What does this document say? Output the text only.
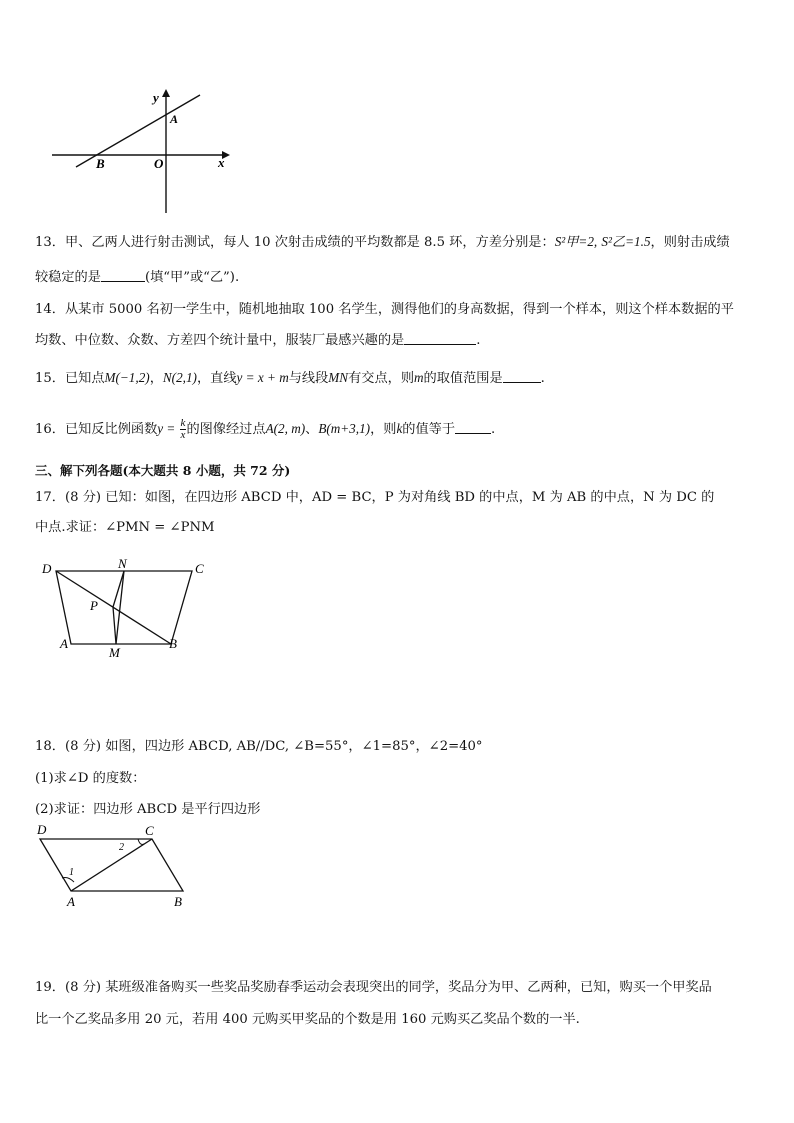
y
x
A
B	O
13．甲、乙两人进行射击测试，每人 10 次射击成绩的平均数都是 8.5 环，方差分别是：S²甲=2, S²乙=1.5，则射击成绩
较稳定的是	(填“甲”或“乙”).
14．从某市 5000 名初一学生中，随机地抽取 100 名学生，测得他们的身高数据，得到一个样本，则这个样本数据的平
均数、中位数、众数、方差四个统计量中，服装厂最感兴趣的是	.
15．已知点M(−1,2)，N(2,1)，直线y = x + m与线段MN有交点，则m的取值范围是	.
16．已知反比例函数$y = \frac{k}{x}$ 的图像经过点A(2, m)、B(m+3,1)，则k的值等于	.
三、解下列各题(本大题共 8 小题，共 72 分)
17．(8 分) 已知：如图，在四边形 ABCD 中，AD = BC，P 为对角线 BD 的中点，M 为 AB 的中点，N 为 DC 的
中点.求证：∠PMN = ∠PNM
D	N	C
P
A
M
B
18．(8 分) 如图，四边形 ABCD, AB//DC, ∠B=55°，∠1=85°，∠2=40°
(1)求∠D 的度数：
(2)求证：四边形 ABCD 是平行四边形
D	C
A	B
1
2
19．(8 分) 某班级准备购买一些奖品奖励春季运动会表现突出的同学，奖品分为甲、乙两种，已知，购买一个甲奖品
比一个乙奖品多用 20 元，若用 400 元购买甲奖品的个数是用 160 元购买乙奖品个数的一半.
